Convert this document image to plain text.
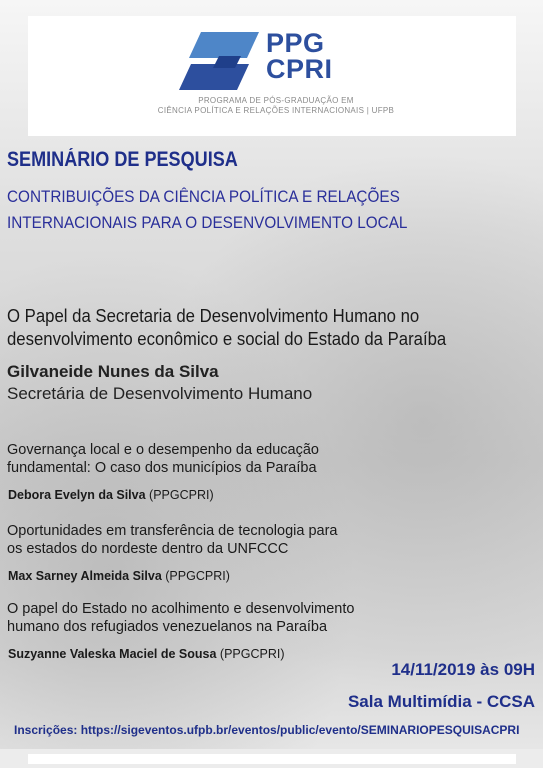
PPG
CPRI
PROGRAMA DE PÓS-GRADUAÇÃO EM
CIÊNCIA POLÍTICA E RELAÇÕES INTERNACIONAIS | UFPB
SEMINÁRIO DE PESQUISA
CONTRIBUIÇÕES DA CIÊNCIA POLÍTICA E RELAÇÕES
INTERNACIONAIS PARA O DESENVOLVIMENTO LOCAL
O Papel da Secretaria de Desenvolvimento Humano no
desenvolvimento econômico e social do Estado da Paraíba
Gilvaneide Nunes da Silva
Secretária de Desenvolvimento Humano
Governança local e o desempenho da educação
fundamental: O caso dos municípios da Paraíba
Debora Evelyn da Silva (PPGCPRI)
Oportunidades em transferência de tecnologia para
os estados do nordeste dentro da UNFCCC
Max Sarney Almeida Silva (PPGCPRI)
O papel do Estado no acolhimento e desenvolvimento
humano dos refugiados venezuelanos na Paraíba
Suzyanne Valeska Maciel de Sousa (PPGCPRI)
14/11/2019 às 09H
Sala Multimídia - CCSA
Inscrições: https://sigeventos.ufpb.br/eventos/public/evento/SEMINARIOPESQUISACPRI
